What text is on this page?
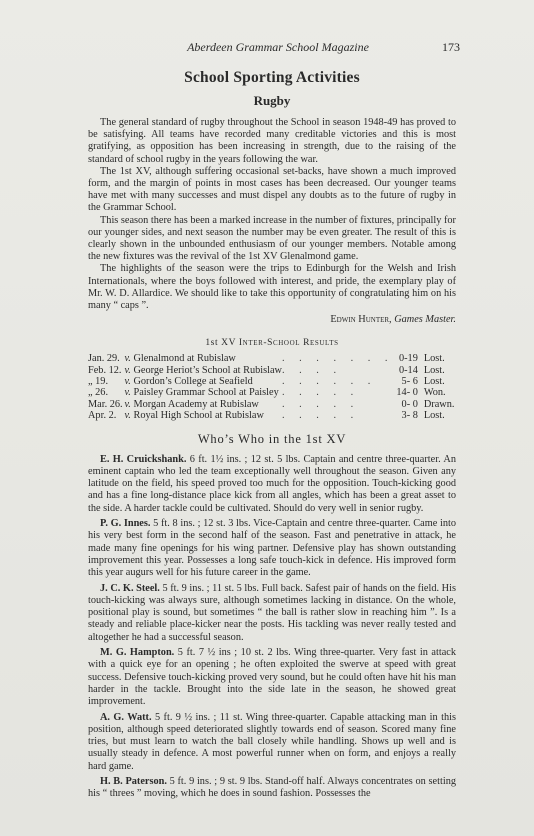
Aberdeen Grammar School Magazine	173
School Sporting Activities
Rugby

The general standard of rugby throughout the School in season 1948-49 has proved to be satisfying. All teams have recorded many creditable victories and this is most gratifying, as opposition has been increasing in strength, due to the raising of the standard of school rugby in the years following the war.

The 1st XV, although suffering occasional set-backs, have shown a much improved form, and the margin of points in most cases has been decreased. Our younger teams have met with many successes and must dispel any doubts as to the future of rugby in the Grammar School.

This season there has been a marked increase in the number of fixtures, principally for our younger sides, and next season the number may be even greater. The result of this is clearly shown in the unbounded enthusiasm of our younger members. Notable among the new fixtures was the revival of the 1st XV Glenalmond game.

The highlights of the season were the trips to Edinburgh for the Welsh and Irish Internationals, where the boys followed with interest, and pride, the exemplary play of Mr. W. D. Allardice. We should like to take this opportunity of congratulating him on his many “ caps ”.

Edwin Hunter, Games Master.
1st XV Inter-School Results
Jan. 29.	v. Glenalmond at Rubislaw	. . . . . . .	0-19	Lost.
Feb. 12.	v. George Heriot’s School at Rubislaw	. . . .	0-14	Lost.
„ 19.	v. Gordon’s College at Seafield	. . . . . .	5- 6	Lost.
„ 26.	v. Paisley Grammar School at Paisley	. . . . .	14- 0	Won.
Mar. 26.	v. Morgan Academy at Rubislaw	. . . . .	0- 0	Drawn.
Apr. 2.	v. Royal High School at Rubislaw	. . . . .	3- 8	Lost.
Who’s Who in the 1st XV

E. H. Cruickshank. 6 ft. 1½ ins. ; 12 st. 5 lbs. Captain and centre three-quarter. An eminent captain who led the team exceptionally well throughout the season. Given any latitude on the field, his speed proved too much for the opposition. Touch-kicking good and has a fine long-distance place kick from all angles, which has been a great asset to the side. A harder tackle could be cultivated. Should do very well in senior rugby.

P. G. Innes. 5 ft. 8 ins. ; 12 st. 3 lbs. Vice-Captain and centre three-quarter. Came into his very best form in the second half of the season. Fast and penetrative in attack, he made many fine openings for his wing partner. Defensive play has shown outstanding improvement this year. Possesses a long safe touch-kick in defence. His improved form this year augurs well for his future career in the game.

J. C. K. Steel. 5 ft. 9 ins. ; 11 st. 5 lbs. Full back. Safest pair of hands on the field. His touch-kicking was always sure, although sometimes lacking in distance. On the whole, positional play is sound, but sometimes “ the ball is rather slow in reaching him ”. Is a steady and reliable place-kicker near the posts. His tackling was never really tested and altogether he had a successful season.

M. G. Hampton. 5 ft. 7 ½ ins ; 10 st. 2 lbs. Wing three-quarter. Very fast in attack with a quick eye for an opening ; he often exploited the swerve at speed with great success. Defensive touch-kicking proved very sound, but he could often have hit his man harder in the tackle. Brought into the side late in the season, he showed great improvement.

A. G. Watt. 5 ft. 9 ½ ins. ; 11 st. Wing three-quarter. Capable attacking man in this position, although speed deteriorated slightly towards end of season. Scored many fine tries, but must learn to watch the ball closely while handling. Shows up well and is usually steady in defence. A most powerful runner when on form, and enjoys a really hard game.

H. B. Paterson. 5 ft. 9 ins. ; 9 st. 9 lbs. Stand-off half. Always concentrates on setting his “ threes ” moving, which he does in sound fashion. Possesses the
